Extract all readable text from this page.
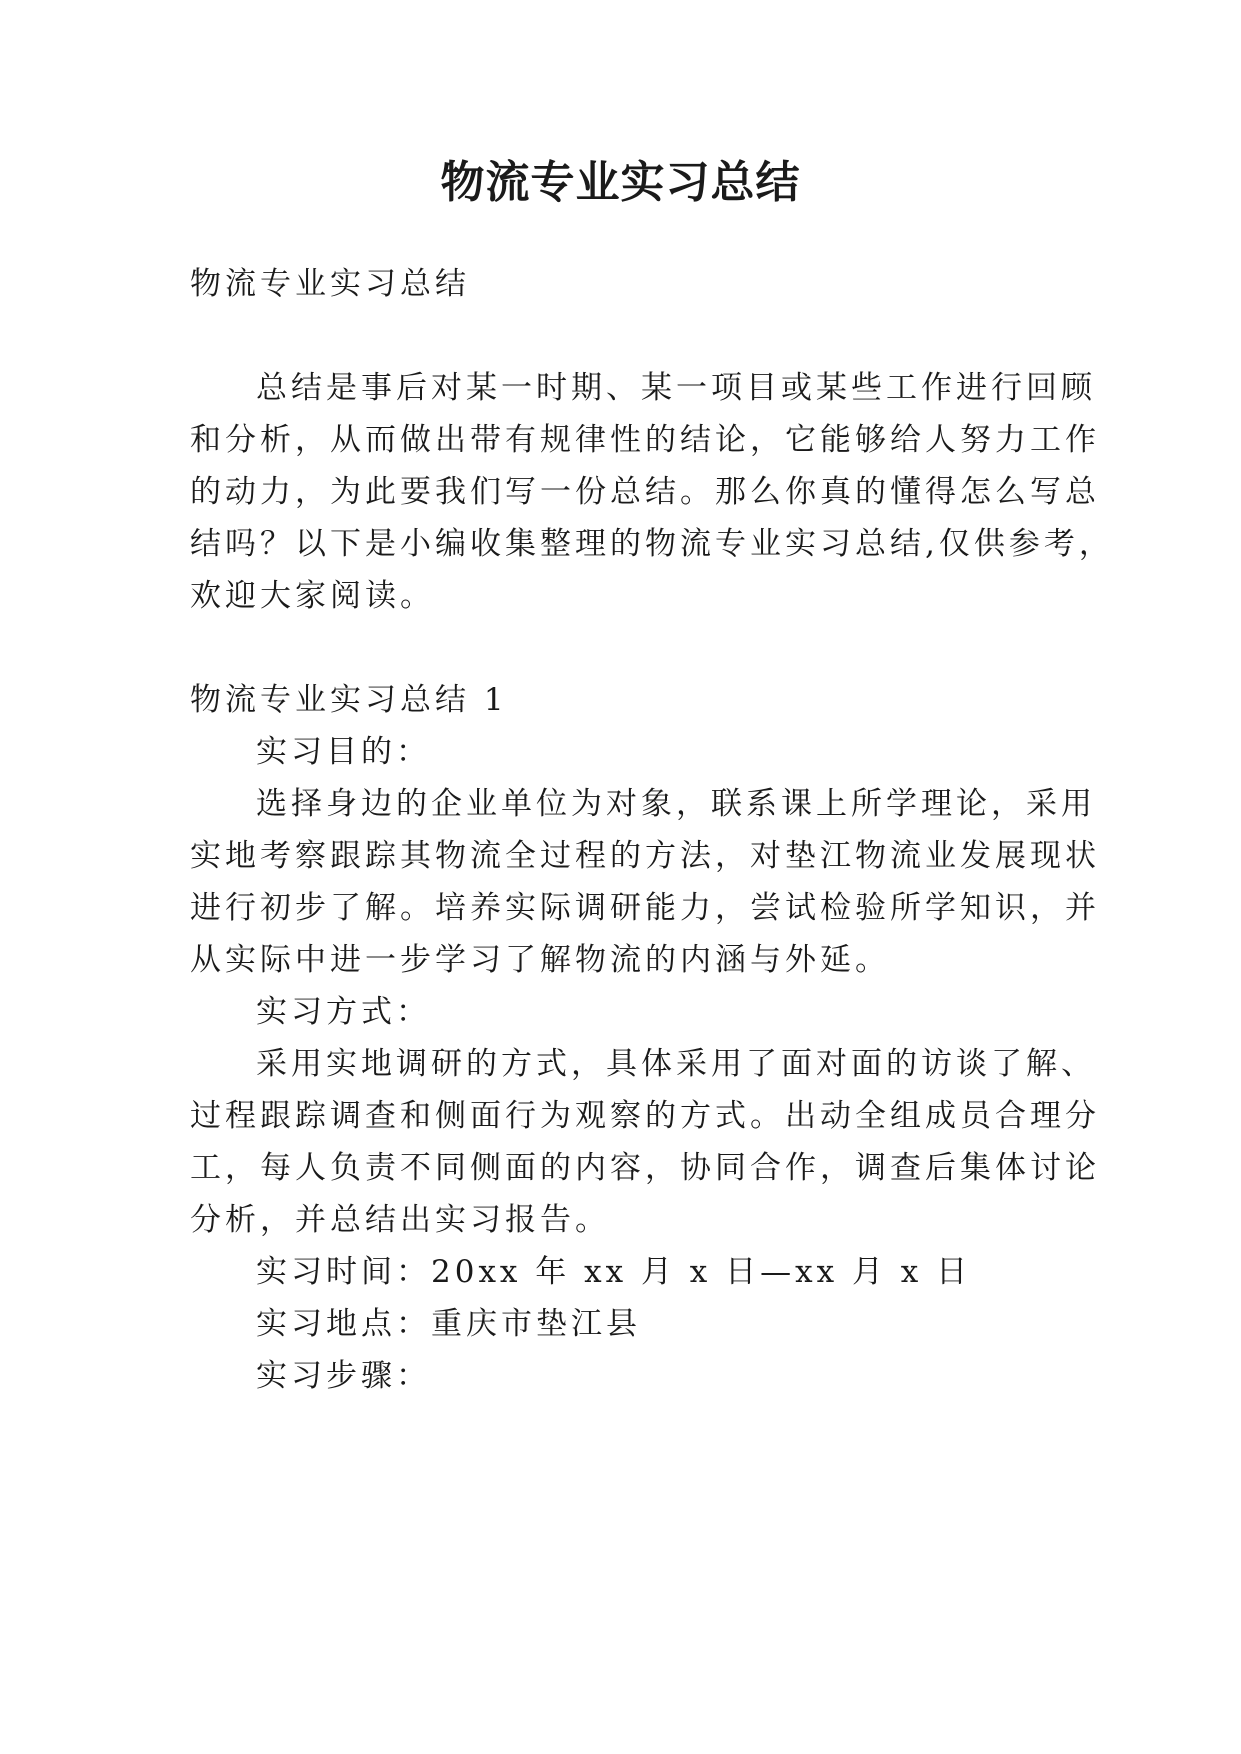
物流专业实习总结
物流专业实习总结
总结是事后对某一时期、某一项目或某些工作进行回顾
和分析，从而做出带有规律性的结论，它能够给人努力工作
的动力，为此要我们写一份总结。那么你真的懂得怎么写总
结吗？以下是小编收集整理的物流专业实习总结,仅供参考，
欢迎大家阅读。
物流专业实习总结 1
实习目的：
选择身边的企业单位为对象，联系课上所学理论，采用
实地考察跟踪其物流全过程的方法，对垫江物流业发展现状
进行初步了解。培养实际调研能力，尝试检验所学知识，并
从实际中进一步学习了解物流的内涵与外延。
实习方式：
采用实地调研的方式，具体采用了面对面的访谈了解、
过程跟踪调查和侧面行为观察的方式。出动全组成员合理分
工，每人负责不同侧面的内容，协同合作，调查后集体讨论
分析，并总结出实习报告。
实习时间：20xx 年 xx 月 x 日—xx 月 x 日
实习地点：重庆市垫江县
实习步骤：
